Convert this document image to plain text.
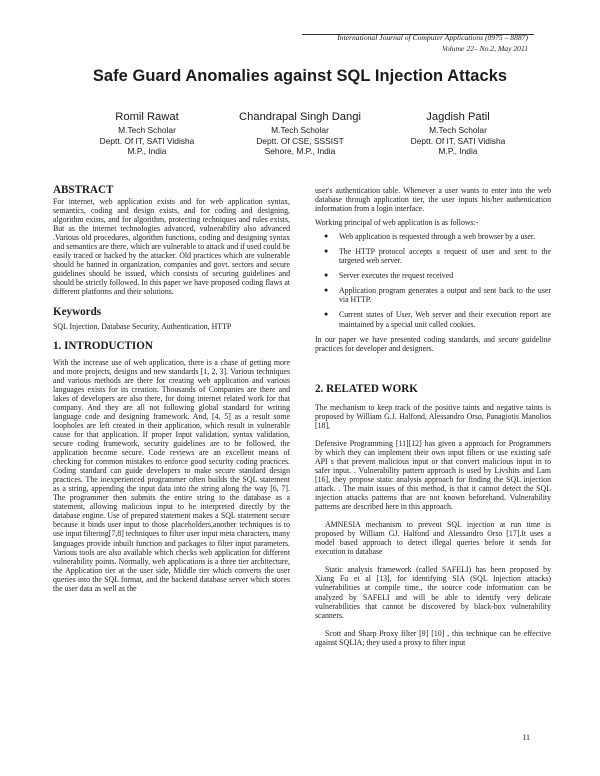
International Journal of Computer Applications (0975 – 8887)
Volume 22– No.2, May 2011
Safe Guard Anomalies against SQL Injection Attacks
Romil Rawat
M.Tech Scholar
Deptt. Of IT, SATI Vidisha
M.P., India
Chandrapal Singh Dangi
M.Tech Scholar
Deptt. Of CSE, SSSIST
Sehore, M.P., India
Jagdish Patil
M.Tech Scholar
Deptt. Of IT, SATI Vidisha
M.P., India
ABSTRACT

For internet, web application exists and for web application syntax, semantics, coding and design exists, and for coding and designing, algorithm exists, and for algorithm, protecting techniques and rules exists, But as the internet technologies advanced, vulnerability also advanced .Various old procedures, algorithm functions, coding and designing syntax and semantics are there, which are vulnerable to attack and if used could be easily traced or hacked by the attacker. Old practices which are vulnerable should be banned in organization, companies and govt. sectors and secure guidelines should be issued, which consists of securing guidelines and should be strictly followed. In this paper we have proposed coding flaws at different platforms and their solutions.

Keywords

SQL Injection, Database Security, Authentication, HTTP

1. INTRODUCTION

With the increase use of web application, there is a chase of getting more and more projects, designs and new standards [1, 2, 3]. Various techniques and various methods are there for creating web application and various languages exists for its creation. Thousands of Companies are there and lakes of developers are also there, for doing internet related work for that company. And they are all not following global standard for writing language code and designing framework. And, [4, 5] as a result some loopholes are left created in their application, which result in vulnerable cause for that application. If proper Input validation, syntax validation, secure coding framework, security guidelines are to be followed, the application become secure. Code reviews are an excellent means of checking for common mistakes to enforce good security coding practices. Coding standard can guide developers to make secure standard design practices. The inexperienced programmer often builds the SQL statement as a string, appending the input data into the string along the way [6, 7]. The programmer then submits the entire string to the database as a statement, allowing malicious input to be interpreted directly by the database engine. Use of prepared statement makes a SQL statement secure because it binds user input to those placeholders,another techniques is to use input filtering[7,8] techniques to filter user input meta characters, many languages provide inbuilt function and packages to filter input parameters. Various tools are also available which checks web application for different vulnerability points. Normally, web applications is a three tier architecture, the Application tier at the user side, Middle tier which converts the user queries into the SQL format, and the backend database server which stores the user data as well as the

user's authentication table. Whenever a user wants to enter into the web database through application tier, the user inputs his/her authentication information from a login interface.

Working principal of web application is as follows:-

● Web application is requested through a web browser by a user.
● The HTTP protocol accepts a request of user and sent to the targeted web server.
● Server executes the request received
● Application program generates a output and sent back to the user via HTTP.
● Current states of User, Web server and their execution report are maintained by a special unit called cookies.

In our paper we have presented coding standards, and secure guideline practices for developer and designers.

2. RELATED WORK

The mechanism to keep track of the positive taints and negative taints is proposed by William G.J. Halfond, Alessandro Orso, Panagiotis Manolios [18],

Defensive Programming [11][12] has given a approach for Programmers by which they can implement their own input filters or use existing safe API s that prevent malicious input or that convert malicious input in to safer input. . Vulnerability pattern approach is used by Livshits and Lam [16], they propose static analysis approach for finding the SQL injection attack. . The main issues of this method, is that it cannot detect the SQL injection attacks patterns that are not known beforehand. Vulnerability patterns are described here in this approach.

AMNESIA mechanism to prevent SQL injection at run time is proposed by William GJ. Halfond and Alessandro Orso [17].It uses a model based approach to detect illegal queries before it sends for execution to database

Static analysis framework (called SAFELI) has been proposed by Xiang Fu et al [13], for identifying SIA (SQL Injection attacks) vulnerabilities at compile time., the source code information can be analyzed by SAFELI and will be able to identify very delicate vulnerabilities that cannot be discovered by black-box vulnerability scanners.

Scott and Sharp Proxy filter [9] [10] , this technique can be effective against SQLIA; they used a proxy to filter input

11
